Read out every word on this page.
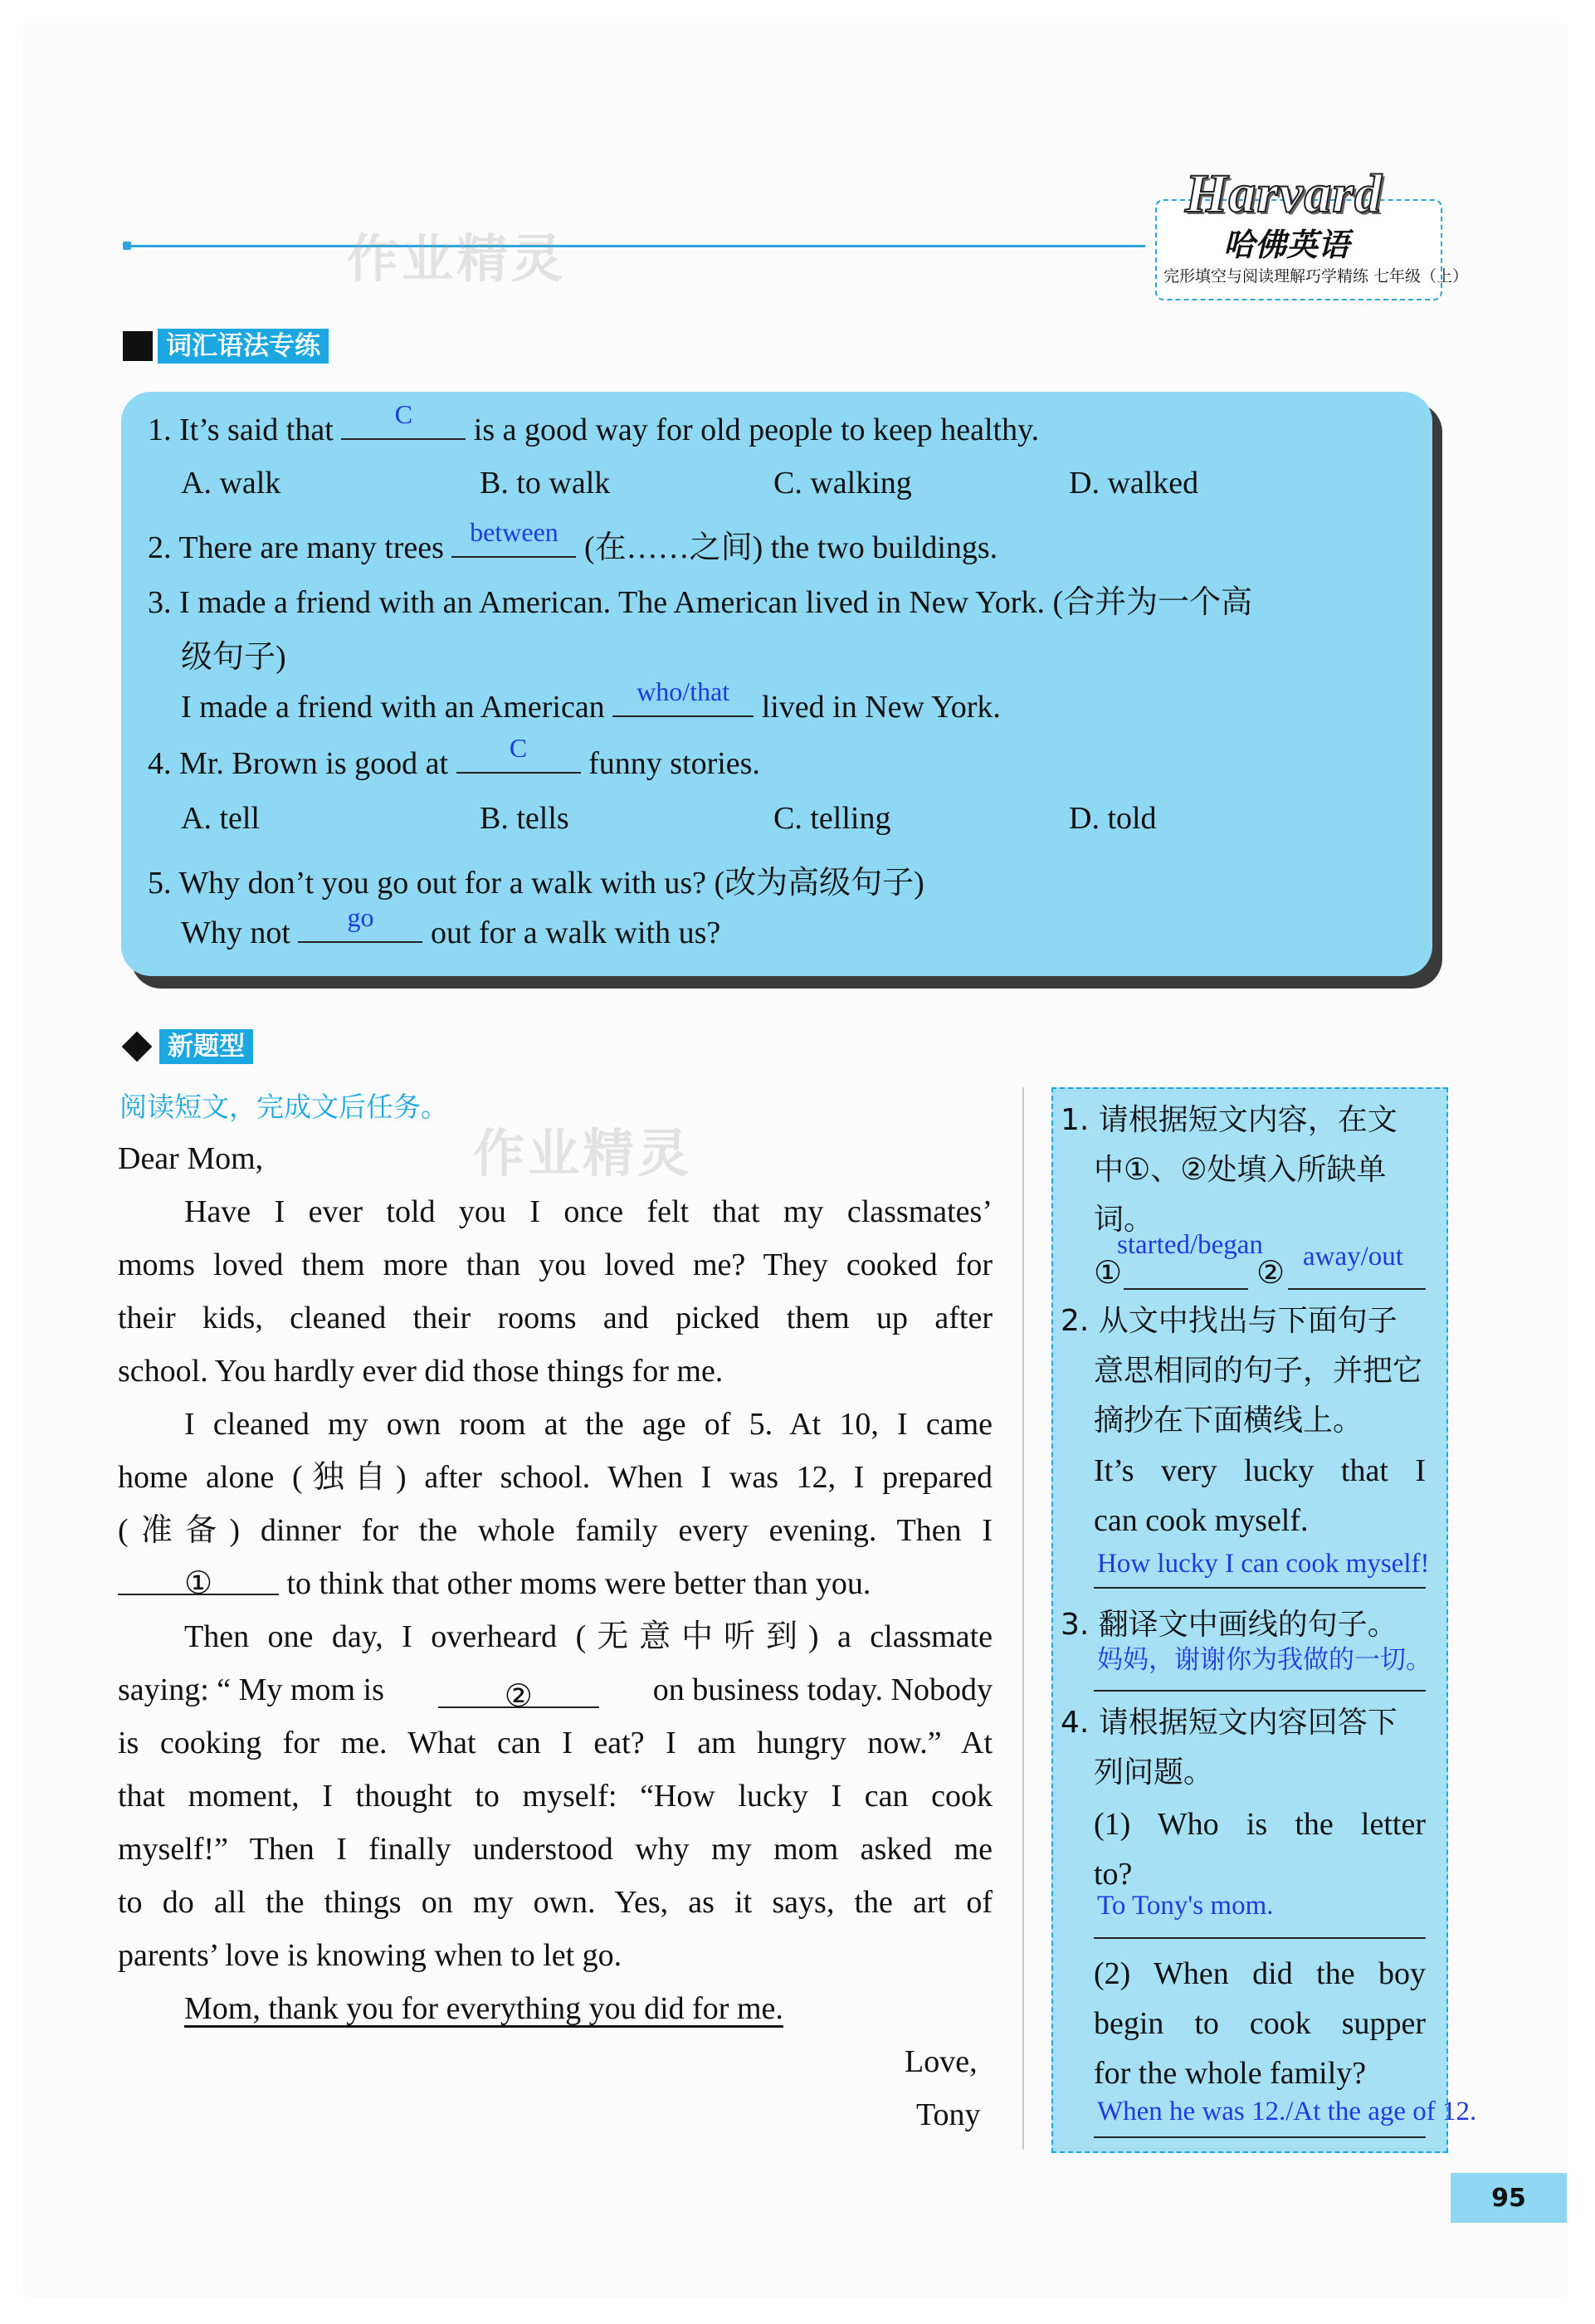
作业精灵
Harvard
哈佛英语
完形填空与阅读理解巧学精练 七年级（上）
词汇语法专练
1. It’s said that	C	is a good way for old people to keep healthy.
A. walk	B. to walk	C. walking	D. walked
2. There are many trees between (在……之间) the two buildings.
3. I made a friend with an American. The American lived in New York. (合并为一个高
级句子)
I made a friend with an American	who/that	lived in New York.
4. Mr. Brown is good at	C	funny stories.
A. tell	B. tells	C. telling	D. told
5. Why don’t you go out for a walk with us? (改为高级句子)
Why not	go	out for a walk with us?
新题型
阅读短文，完成文后任务。
作业精灵
Dear Mom,
Have I ever told you I once felt that my classmates’
moms loved them more than you loved me? They cooked for
their kids, cleaned their rooms and picked them up after
school. You hardly ever did those things for me.
I cleaned my own room at the age of 5. At 10, I came
home alone (独自) after school. When I was 12, I prepared
(准备) dinner for the whole family every evening. Then I
① to think that other moms were better than you.
Then one day, I overheard (无意中听到) a classmate
saying: “ My mom is	②	on business today. Nobody
is cooking for me. What can I eat? I am hungry now.” At
that moment, I thought to myself: “How lucky I can cook
myself!” Then I finally understood why my mom asked me
to do all the things on my own. Yes, as it says, the art of
parents’ love is knowing when to let go.
Mom, thank you for everything you did for me.
Love,
Tony
1. 请根据短文内容，在文
中①、②处填入所缺单
词。
①
started/began
② away/out
2. 从文中找出与下面句子
意思相同的句子，并把它
摘抄在下面横线上。
It’s very lucky that I
can cook myself.
How lucky I can cook myself!
3. 翻译文中画线的句子。
妈妈，谢谢你为我做的一切。
4. 请根据短文内容回答下
列问题。
(1) Who is the letter
to?
To Tony's mom.
(2) When did the boy
begin to cook supper
for the whole family?
When he was 12./At the age of 12.
95
